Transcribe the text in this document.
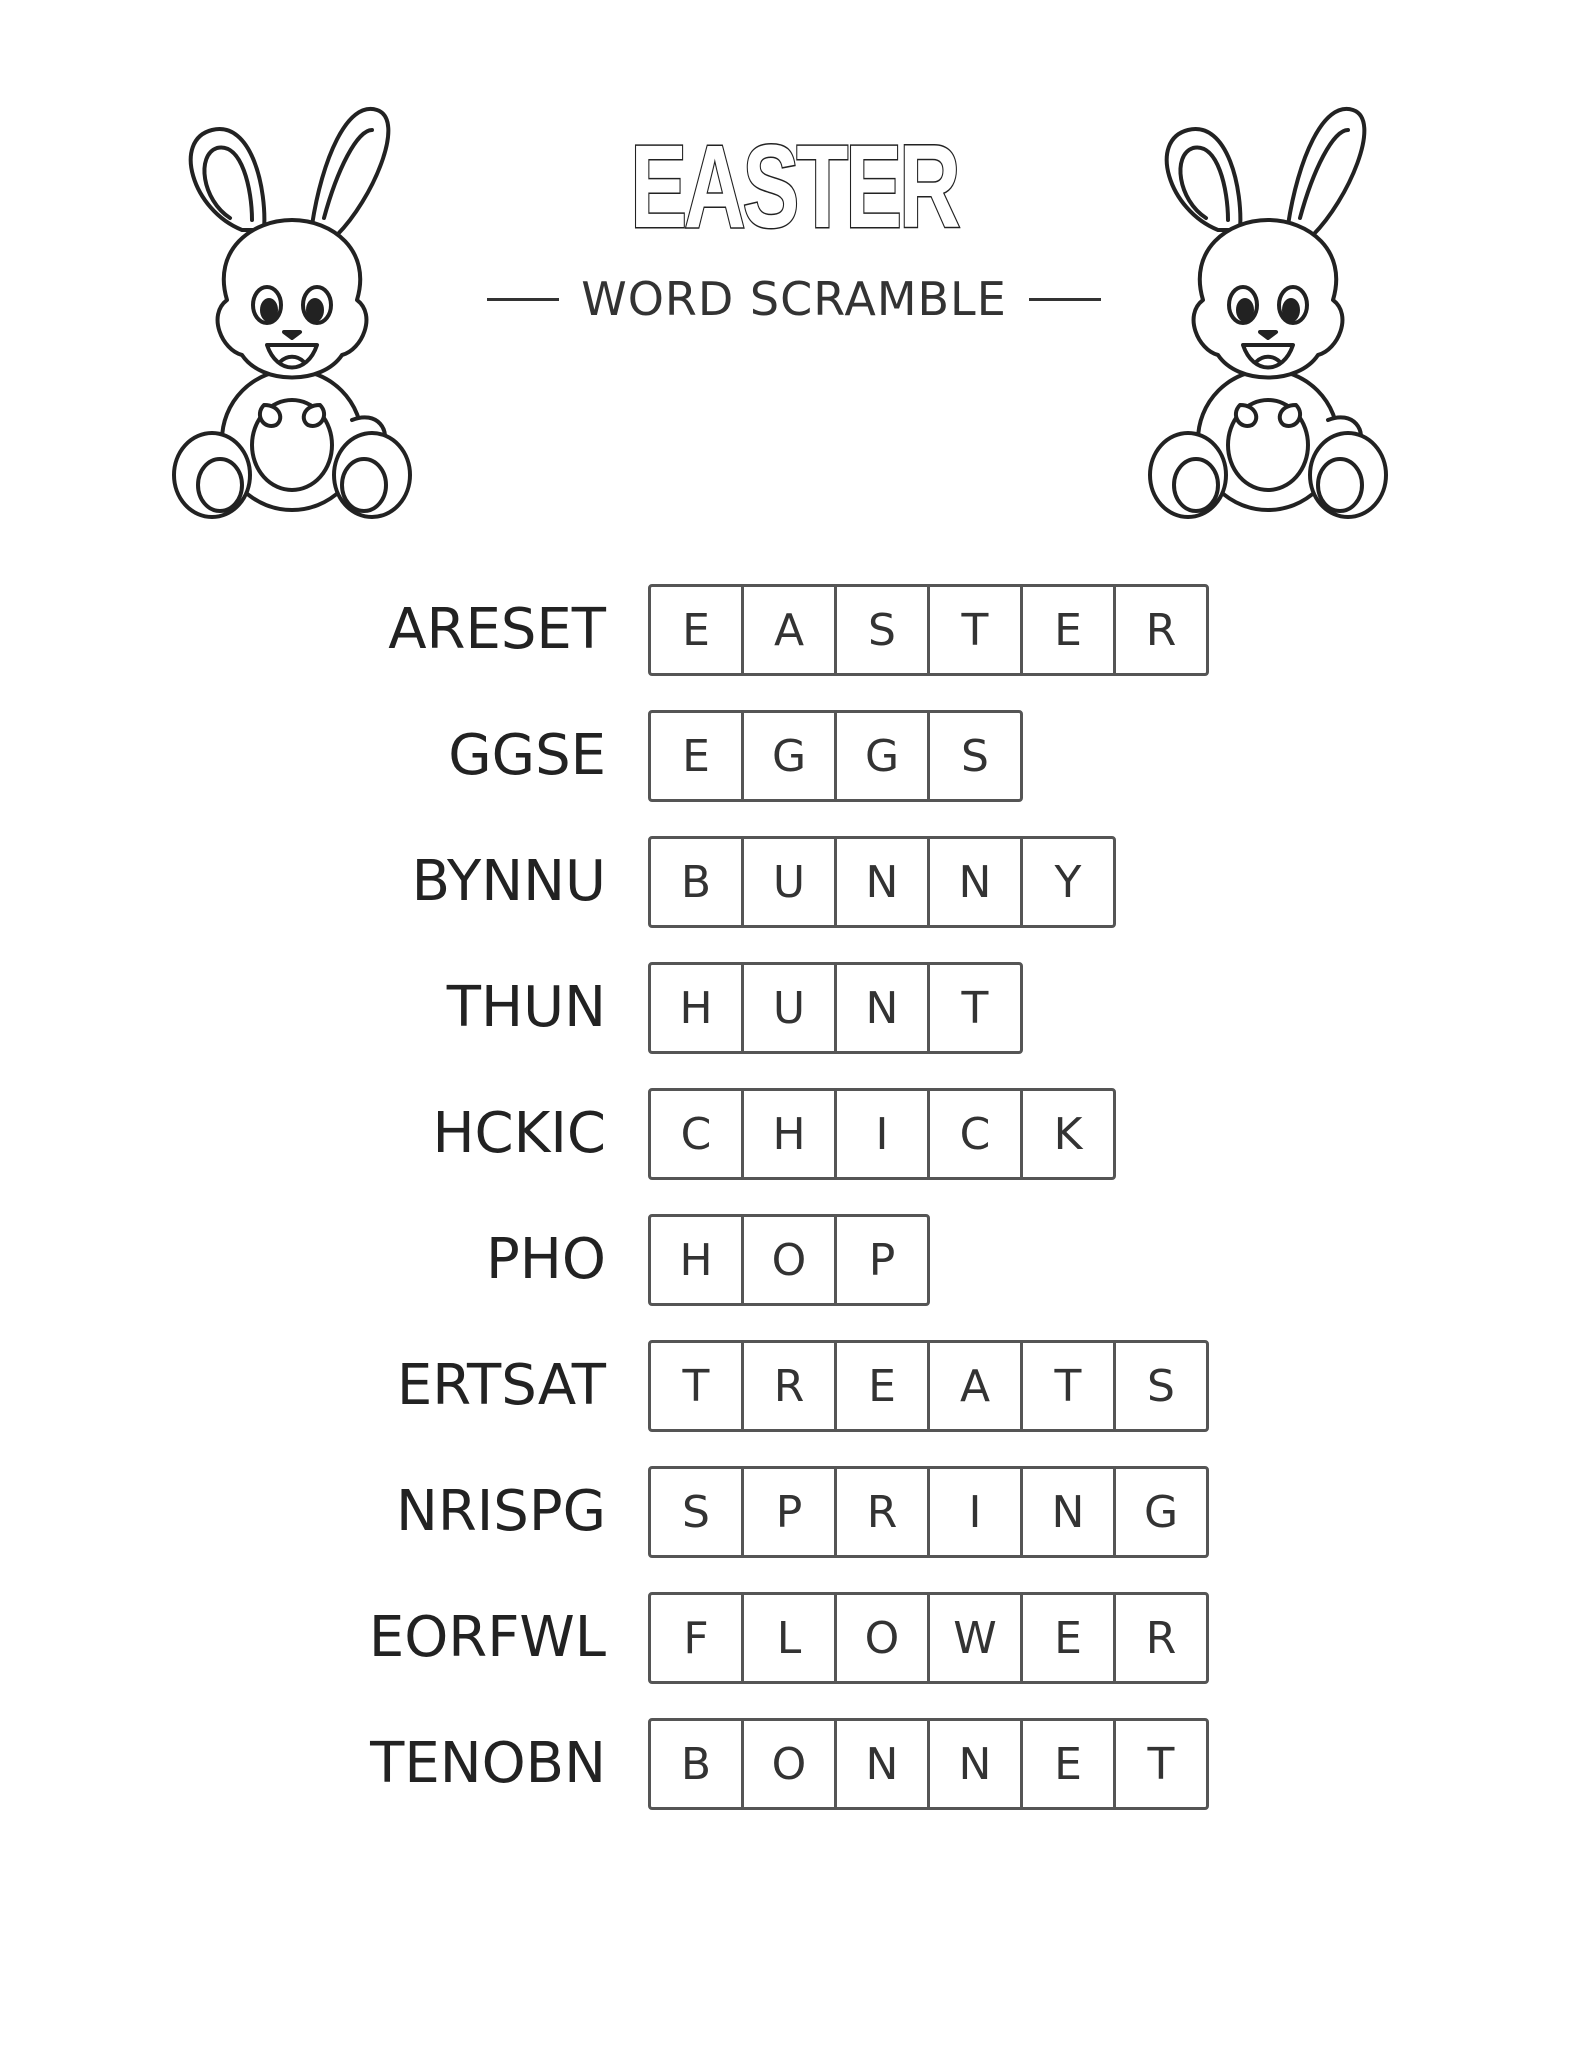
EASTER
WORD SCRAMBLE
ARESET	E	A	S	T	E	R
GGSE	E	G	G	S
BYNNU	B	U	N	N	Y
THUN	H	U	N	T
HCKIC	C	H	I	C	K
PHO	H	O	P
ERTSAT	T	R	E	A	T	S
NRISPG	S	P	R	I	N	G
EORFWL	F	L	O	W	E	R
TENOBN	B	O	N	N	E	T
